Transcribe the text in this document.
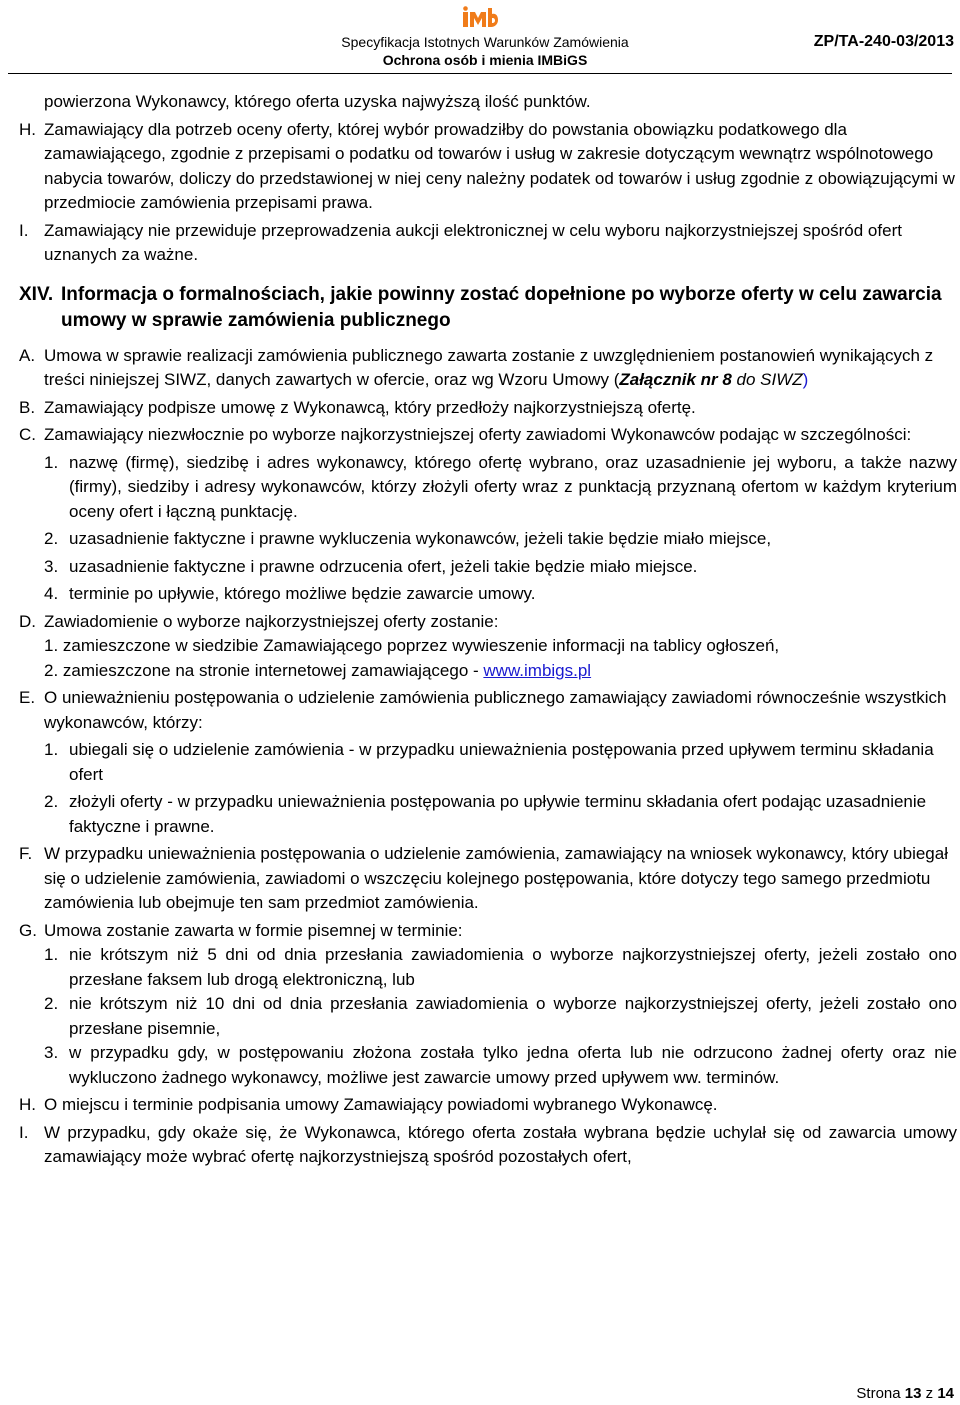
Specyfikacja Istotnych Warunków Zamówienia
Ochrona osób i mienia IMBiGS
ZP/TA-240-03/2013

powierzona Wykonawcy, którego oferta uzyska najwyższą ilość punktów.

H. Zamawiający dla potrzeb oceny oferty, której wybór prowadziłby do powstania obowiązku podatkowego dla zamawiającego, zgodnie z przepisami o podatku od towarów i usług w zakresie dotyczącym wewnątrz wspólnotowego nabycia towarów, doliczy do przedstawionej w niej ceny należny podatek od towarów i usług zgodnie z obowiązującymi w przedmiocie zamówienia przepisami prawa.

I. Zamawiający nie przewiduje przeprowadzenia aukcji elektronicznej w celu wyboru najkorzystniejszej spośród ofert uznanych za ważne.

XIV. Informacja o formalnościach, jakie powinny zostać dopełnione po wyborze oferty w celu zawarcia umowy w sprawie zamówienia publicznego

A. Umowa w sprawie realizacji zamówienia publicznego zawarta zostanie z uwzględnieniem postanowień wynikających z treści niniejszej SIWZ, danych zawartych w ofercie, oraz wg Wzoru Umowy (Załącznik nr 8 do SIWZ)

B. Zamawiający podpisze umowę z Wykonawcą, który przedłoży najkorzystniejszą ofertę.

C. Zamawiający niezwłocznie po wyborze najkorzystniejszej oferty zawiadomi Wykonawców podając w szczególności:

1. nazwę (firmę), siedzibę i adres wykonawcy, którego ofertę wybrano, oraz uzasadnienie jej wyboru, a także nazwy (firmy), siedziby i adresy wykonawców, którzy złożyli oferty wraz z punktacją przyznaną ofertom w każdym kryterium oceny ofert i łączną punktację.

2. uzasadnienie faktyczne i prawne wykluczenia wykonawców, jeżeli takie będzie miało miejsce,

3. uzasadnienie faktyczne i prawne odrzucenia ofert, jeżeli takie będzie miało miejsce.

4. terminie po upływie, którego możliwe będzie zawarcie umowy.

D. Zawiadomienie o wyborze najkorzystniejszej oferty zostanie:

1. zamieszczone w siedzibie Zamawiającego poprzez wywieszenie informacji na tablicy ogłoszeń,

2. zamieszczone na stronie internetowej zamawiającego - www.imbigs.pl

E. O unieważnieniu postępowania o udzielenie zamówienia publicznego zamawiający zawiadomi równocześnie wszystkich wykonawców, którzy:

1. ubiegali się o udzielenie zamówienia - w przypadku unieważnienia postępowania przed upływem terminu składania ofert

2. złożyli oferty - w przypadku unieważnienia postępowania po upływie terminu składania ofert podając uzasadnienie faktyczne i prawne.

F. W przypadku unieważnienia postępowania o udzielenie zamówienia, zamawiający na wniosek wykonawcy, który ubiegał się o udzielenie zamówienia, zawiadomi o wszczęciu kolejnego postępowania, które dotyczy tego samego przedmiotu zamówienia lub obejmuje ten sam przedmiot zamówienia.

G. Umowa zostanie zawarta w formie pisemnej w terminie:

1. nie krótszym niż 5 dni od dnia przesłania zawiadomienia o wyborze najkorzystniejszej oferty, jeżeli zostało ono przesłane faksem lub drogą elektroniczną, lub

2. nie krótszym niż 10 dni od dnia przesłania zawiadomienia o wyborze najkorzystniejszej oferty, jeżeli zostało ono przesłane pisemnie,

3. w przypadku gdy, w postępowaniu złożona została tylko jedna oferta lub nie odrzucono żadnej oferty oraz nie wykluczono żadnego wykonawcy, możliwe jest zawarcie umowy przed upływem ww. terminów.

H. O miejscu i terminie podpisania umowy Zamawiający powiadomi wybranego Wykonawcę.

I. W przypadku, gdy okaże się, że Wykonawca, którego oferta została wybrana będzie uchylał się od zawarcia umowy zamawiający może wybrać ofertę najkorzystniejszą spośród pozostałych ofert,

Strona 13 z 14
